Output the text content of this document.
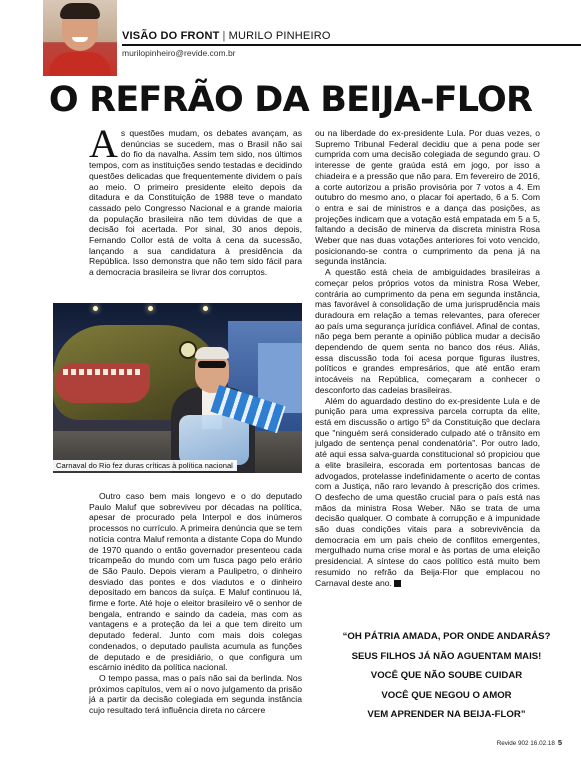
VISÃO DO FRONT | MURILO PINHEIRO
murilopinheiro@revide.com.br
O REFRÃO DA BEIJA-FLOR

As questões mudam, os debates avançam, as denúncias se sucedem, mas o Brasil não sai do fio da navalha. Assim tem sido, nos últimos tempos, com as instituições sendo testadas e decidindo questões delicadas que frequentemente dividem o país ao meio. O primeiro presidente eleito depois da ditadura e da Constituição de 1988 teve o mandato cassado pelo Congresso Nacional e a grande maioria da população brasileira não tem dúvidas de que a decisão foi acertada. Por sinal, 30 anos depois, Fernando Collor está de volta à cena da sucessão, lançando a sua candidatura à presidência da República. Isso demonstra que não tem sido fácil para a democracia brasileira se livrar dos corruptos.

Carnaval do Rio fez duras críticas à política nacional

Outro caso bem mais longevo e o do deputado Paulo Maluf que sobreviveu por décadas na política, apesar de procurado pela Interpol e dos inúmeros processos no currículo. A primeira denúncia que se tem notícia contra Maluf remonta a distante Copa do Mundo de 1970 quando o então governador presenteou cada tricampeão do mundo com um fusca pago pelo erário de São Paulo. Depois vieram a Paulipetro, o dinheiro desviado das pontes e dos viadutos e o dinheiro depositado em bancos da suíça. E Maluf continuou lá, firme e forte. Até hoje o eleitor brasileiro vê o senhor de bengala, entrando e saindo da cadeia, mas com as vantagens e a proteção da lei a que tem direito um deputado federal. Junto com mais dois colegas condenados, o deputado paulista acumula as funções de deputado e de presidiário, o que configura um escárnio inédito da política nacional.

O tempo passa, mas o país não sai da berlinda. Nos próximos capítulos, vem aí o novo julgamento da prisão já a partir da decisão colegiada em segunda instância cujo resultado terá influência direta no cárcere

ou na liberdade do ex-presidente Lula. Por duas vezes, o Supremo Tribunal Federal decidiu que a pena pode ser cumprida com uma decisão colegiada de segundo grau. O interesse de gente graúda está em jogo, por isso a chiadeira e a pressão que não para. Em fevereiro de 2016, a corte autorizou a prisão provisória por 7 votos a 4. Em outubro do mesmo ano, o placar foi apertado, 6 a 5. Com o entra e sai de ministros e a dança das posições, as projeções indicam que a votação está empatada em 5 a 5, faltando a decisão de minerva da discreta ministra Rosa Weber que nas duas votações anteriores foi voto vencido, posicionando-se contra o cumprimento da pena já na segunda instância.

A questão está cheia de ambiguidades brasileiras a começar pelos próprios votos da ministra Rosa Weber, contrária ao cumprimento da pena em segunda instância, mas favorável à consolidação de uma jurisprudência mais duradoura em relação a temas relevantes, para oferecer ao país uma segurança jurídica confiável. Afinal de contas, não pega bem perante a opinião pública mudar a decisão dependendo de quem senta no banco dos réus. Aliás, essa discussão toda foi acesa porque figuras ilustres, políticos e grandes empresários, que até então eram intocáveis na República, começaram a conhecer o desconforto das cadeias brasileiras.

Além do aguardado destino do ex-presidente Lula e de punição para uma expressiva parcela corrupta da elite, está em discussão o artigo 5º da Constituição que declara que "ninguém será considerado culpado até o trânsito em julgado de sentença penal condenatória". Por outro lado, até aqui essa salva-guarda constitucional só propiciou que a elite brasileira, escorada em portentosas bancas de advogados, protelasse indefinidamente o acerto de contas com a Justiça, não raro levando à prescrição dos crimes. O desfecho de uma questão crucial para o país está nas mãos da ministra Rosa Weber. Não se trata de uma decisão qualquer. O combate à corrupção e à impunidade são duas condições vitais para a sobrevivência da democracia em um país cheio de conflitos emergentes, mergulhado numa crise moral e às portas de uma eleição presidencial. A síntese do caos político está muito bem resumido no refrão da Beija-Flor que emplacou no Carnaval deste ano.

“OH PÁTRIA AMADA, POR ONDE ANDARÁS?
SEUS FILHOS JÁ NÃO AGUENTAM MAIS!
VOCÊ QUE NÃO SOUBE CUIDAR
VOCÊ QUE NEGOU O AMOR
VEM APRENDER NA BEIJA-FLOR”
Revide 902 16.02.18 5
